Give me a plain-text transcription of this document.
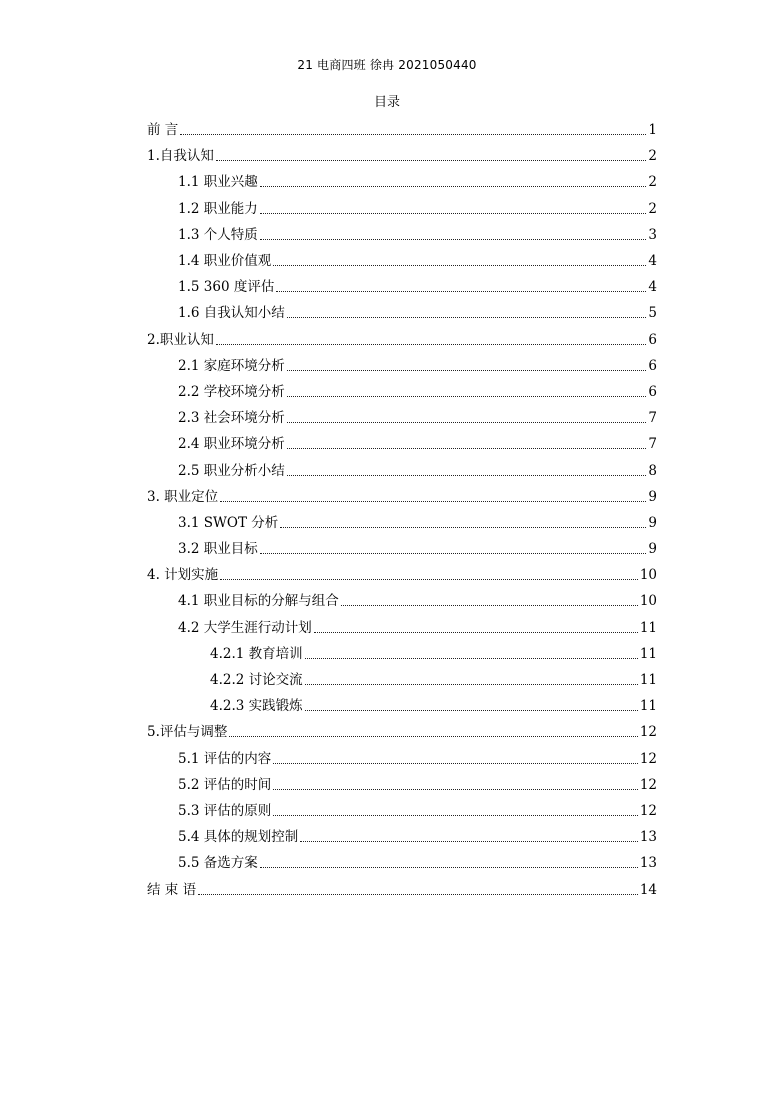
21 电商四班 徐冉 2021050440
目录
前 言	1
1.自我认知	2
1.1 职业兴趣	2
1.2 职业能力	2
1.3 个人特质	3
1.4 职业价值观	4
1.5 360 度评估	4
1.6 自我认知小结	5
2.职业认知	6
2.1 家庭环境分析	6
2.2 学校环境分析	6
2.3 社会环境分析	7
2.4 职业环境分析	7
2.5 职业分析小结	8
3. 职业定位	9
3.1 SWOT 分析	9
3.2 职业目标	9
4. 计划实施	10
4.1 职业目标的分解与组合	10
4.2 大学生涯行动计划	11
4.2.1 教育培训	11
4.2.2 讨论交流	11
4.2.3 实践锻炼	11
5.评估与调整	12
5.1 评估的内容	12
5.2 评估的时间	12
5.3 评估的原则	12
5.4 具体的规划控制	13
5.5 备选方案	13
结 束 语	14
